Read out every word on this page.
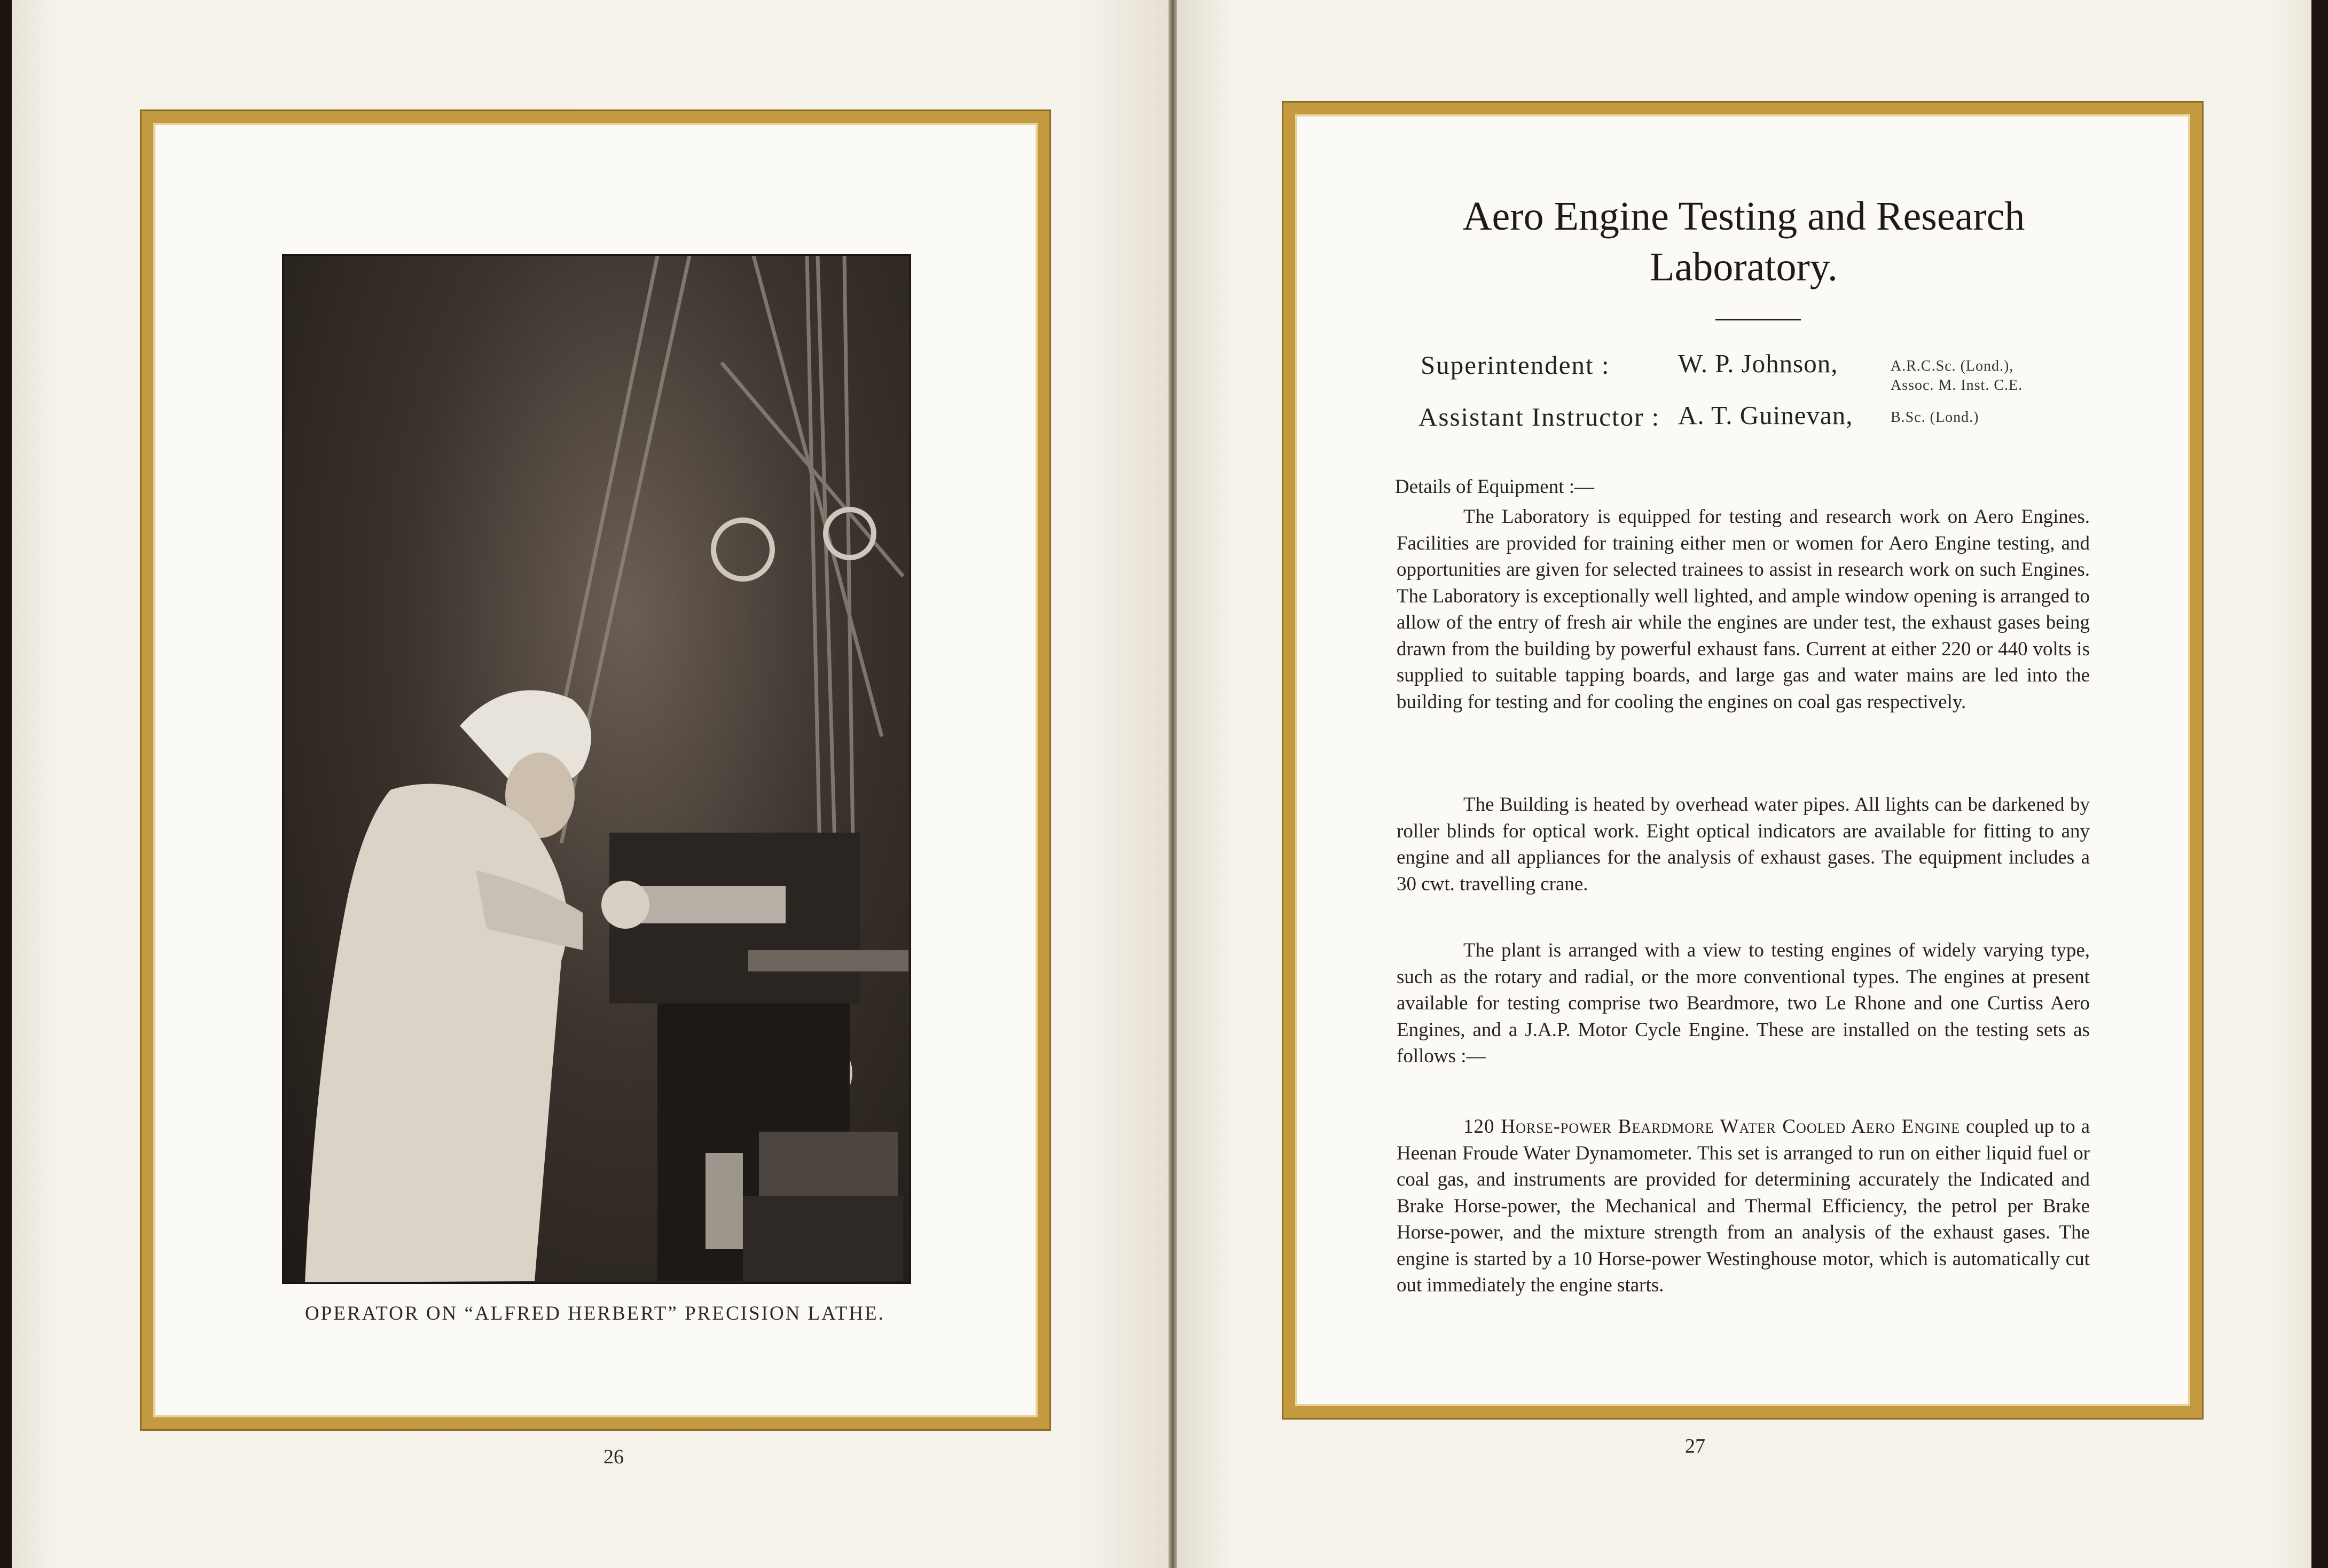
OPERATOR ON “ALFRED HERBERT” PRECISION LATHE.
26
Aero Engine Testing and Research
Laboratory.
Superintendent :	W. P. Johnson,	A.R.C.Sc. (Lond.),
Assoc. M. Inst. C.E.
Assistant Instructor : A. T. Guinevan,	B.Sc. (Lond.)
Details of Equipment :—
The Laboratory is equipped for testing and research work on Aero Engines. Facilities are provided for training either men or women for Aero Engine testing, and opportunities are given for selected trainees to assist in research work on such Engines. The Laboratory is exceptionally well lighted, and ample window opening is arranged to allow of the entry of fresh air while the engines are under test, the exhaust gases being drawn from the building by powerful exhaust fans. Current at either 220 or 440 volts is supplied to suitable tapping boards, and large gas and water mains are led into the building for testing and for cooling the engines on coal gas respectively.
The Building is heated by overhead water pipes. All lights can be darkened by roller blinds for optical work. Eight optical indicators are available for fitting to any engine and all appliances for the analysis of exhaust gases. The equipment includes a 30 cwt. travelling crane.
The plant is arranged with a view to testing engines of widely varying type, such as the rotary and radial, or the more conventional types. The engines at present available for testing comprise two Beardmore, two Le Rhone and one Curtiss Aero Engines, and a J.A.P. Motor Cycle Engine. These are installed on the testing sets as follows :—
120 Horse-power Beardmore Water Cooled Aero Engine coupled up to a Heenan Froude Water Dynamometer. This set is arranged to run on either liquid fuel or coal gas, and instruments are provided for determining accurately the Indicated and Brake Horse-power, the Mechanical and Thermal Efficiency, the petrol per Brake Horse-power, and the mixture strength from an analysis of the exhaust gases. The engine is started by a 10 Horse-power Westinghouse motor, which is automatically cut out immediately the engine starts.
27
